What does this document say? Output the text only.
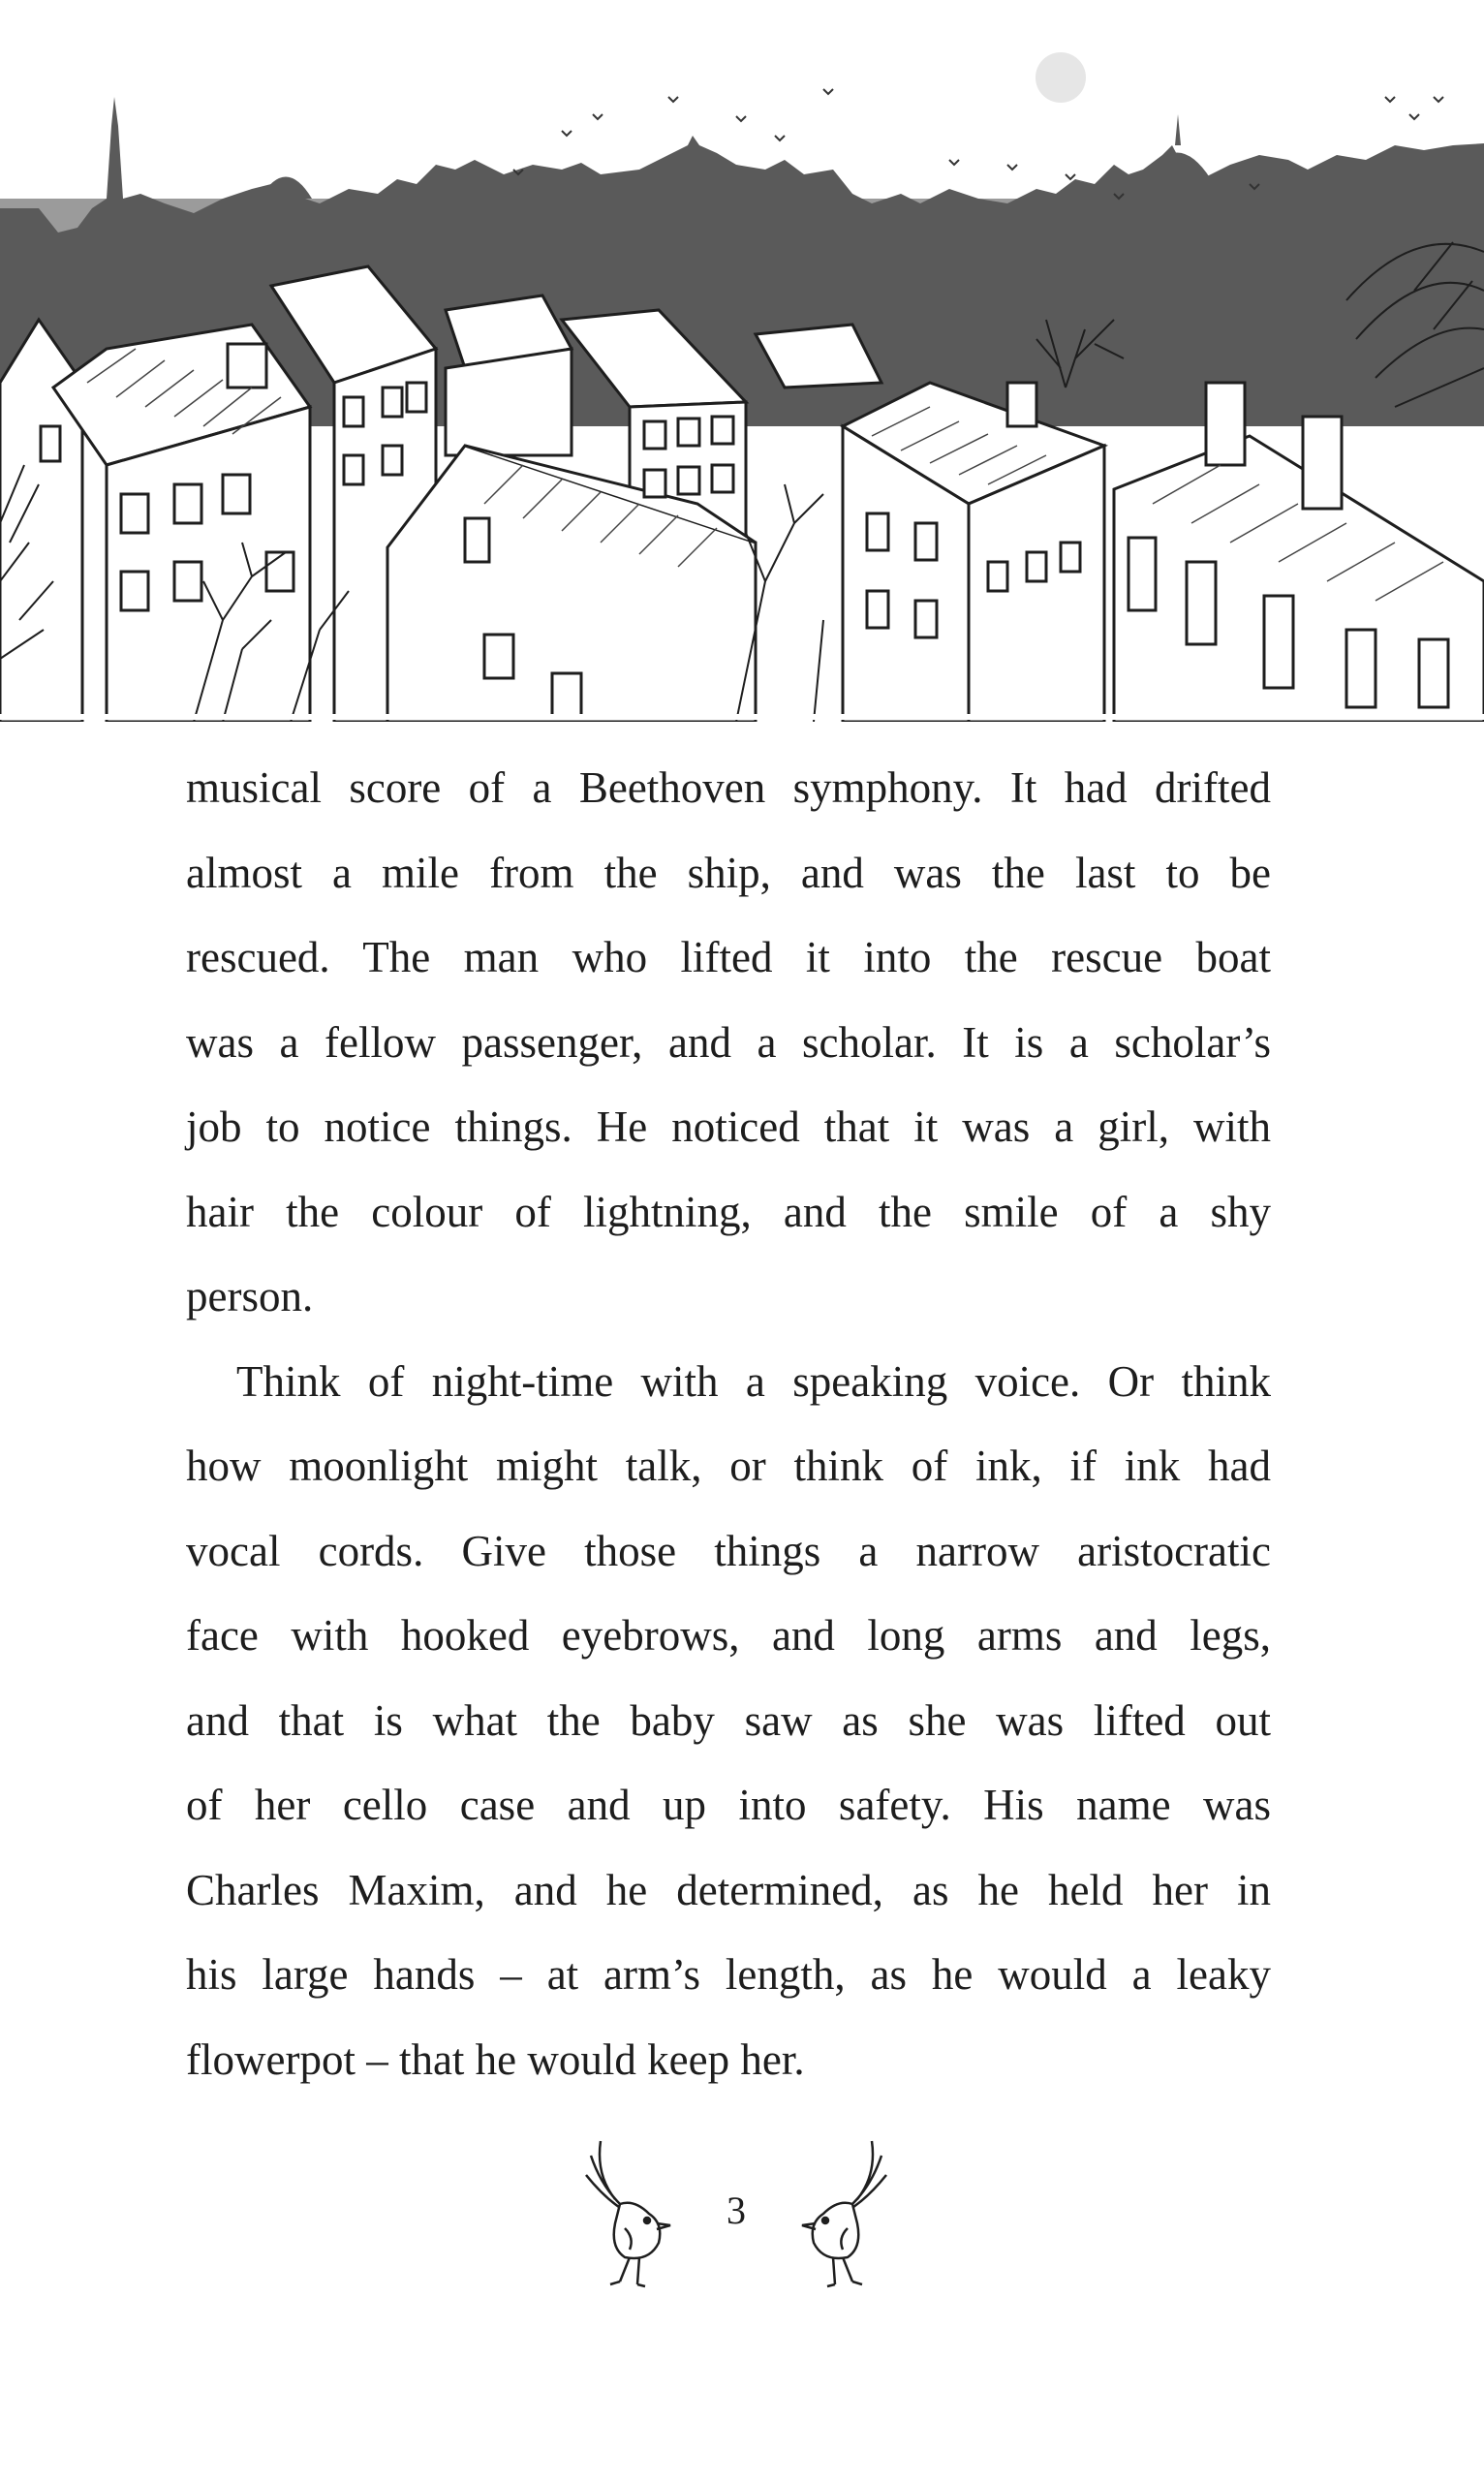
musical score of a Beethoven symphony. It had drifted
almost a mile from the ship, and was the last to be
rescued. The man who lifted it into the rescue boat
was a fellow passenger, and a scholar. It is a scholar’s
job to notice things. He noticed that it was a girl, with
hair the colour of lightning, and the smile of a shy
person.

Think of night-time with a speaking voice. Or think
how moonlight might talk, or think of ink, if ink had
vocal cords. Give those things a narrow aristocratic
face with hooked eyebrows, and long arms and legs,
and that is what the baby saw as she was lifted out
of her cello case and up into safety. His name was
Charles Maxim, and he determined, as he held her in
his large hands – at arm’s length, as he would a leaky
flowerpot – that he would keep her.

3
